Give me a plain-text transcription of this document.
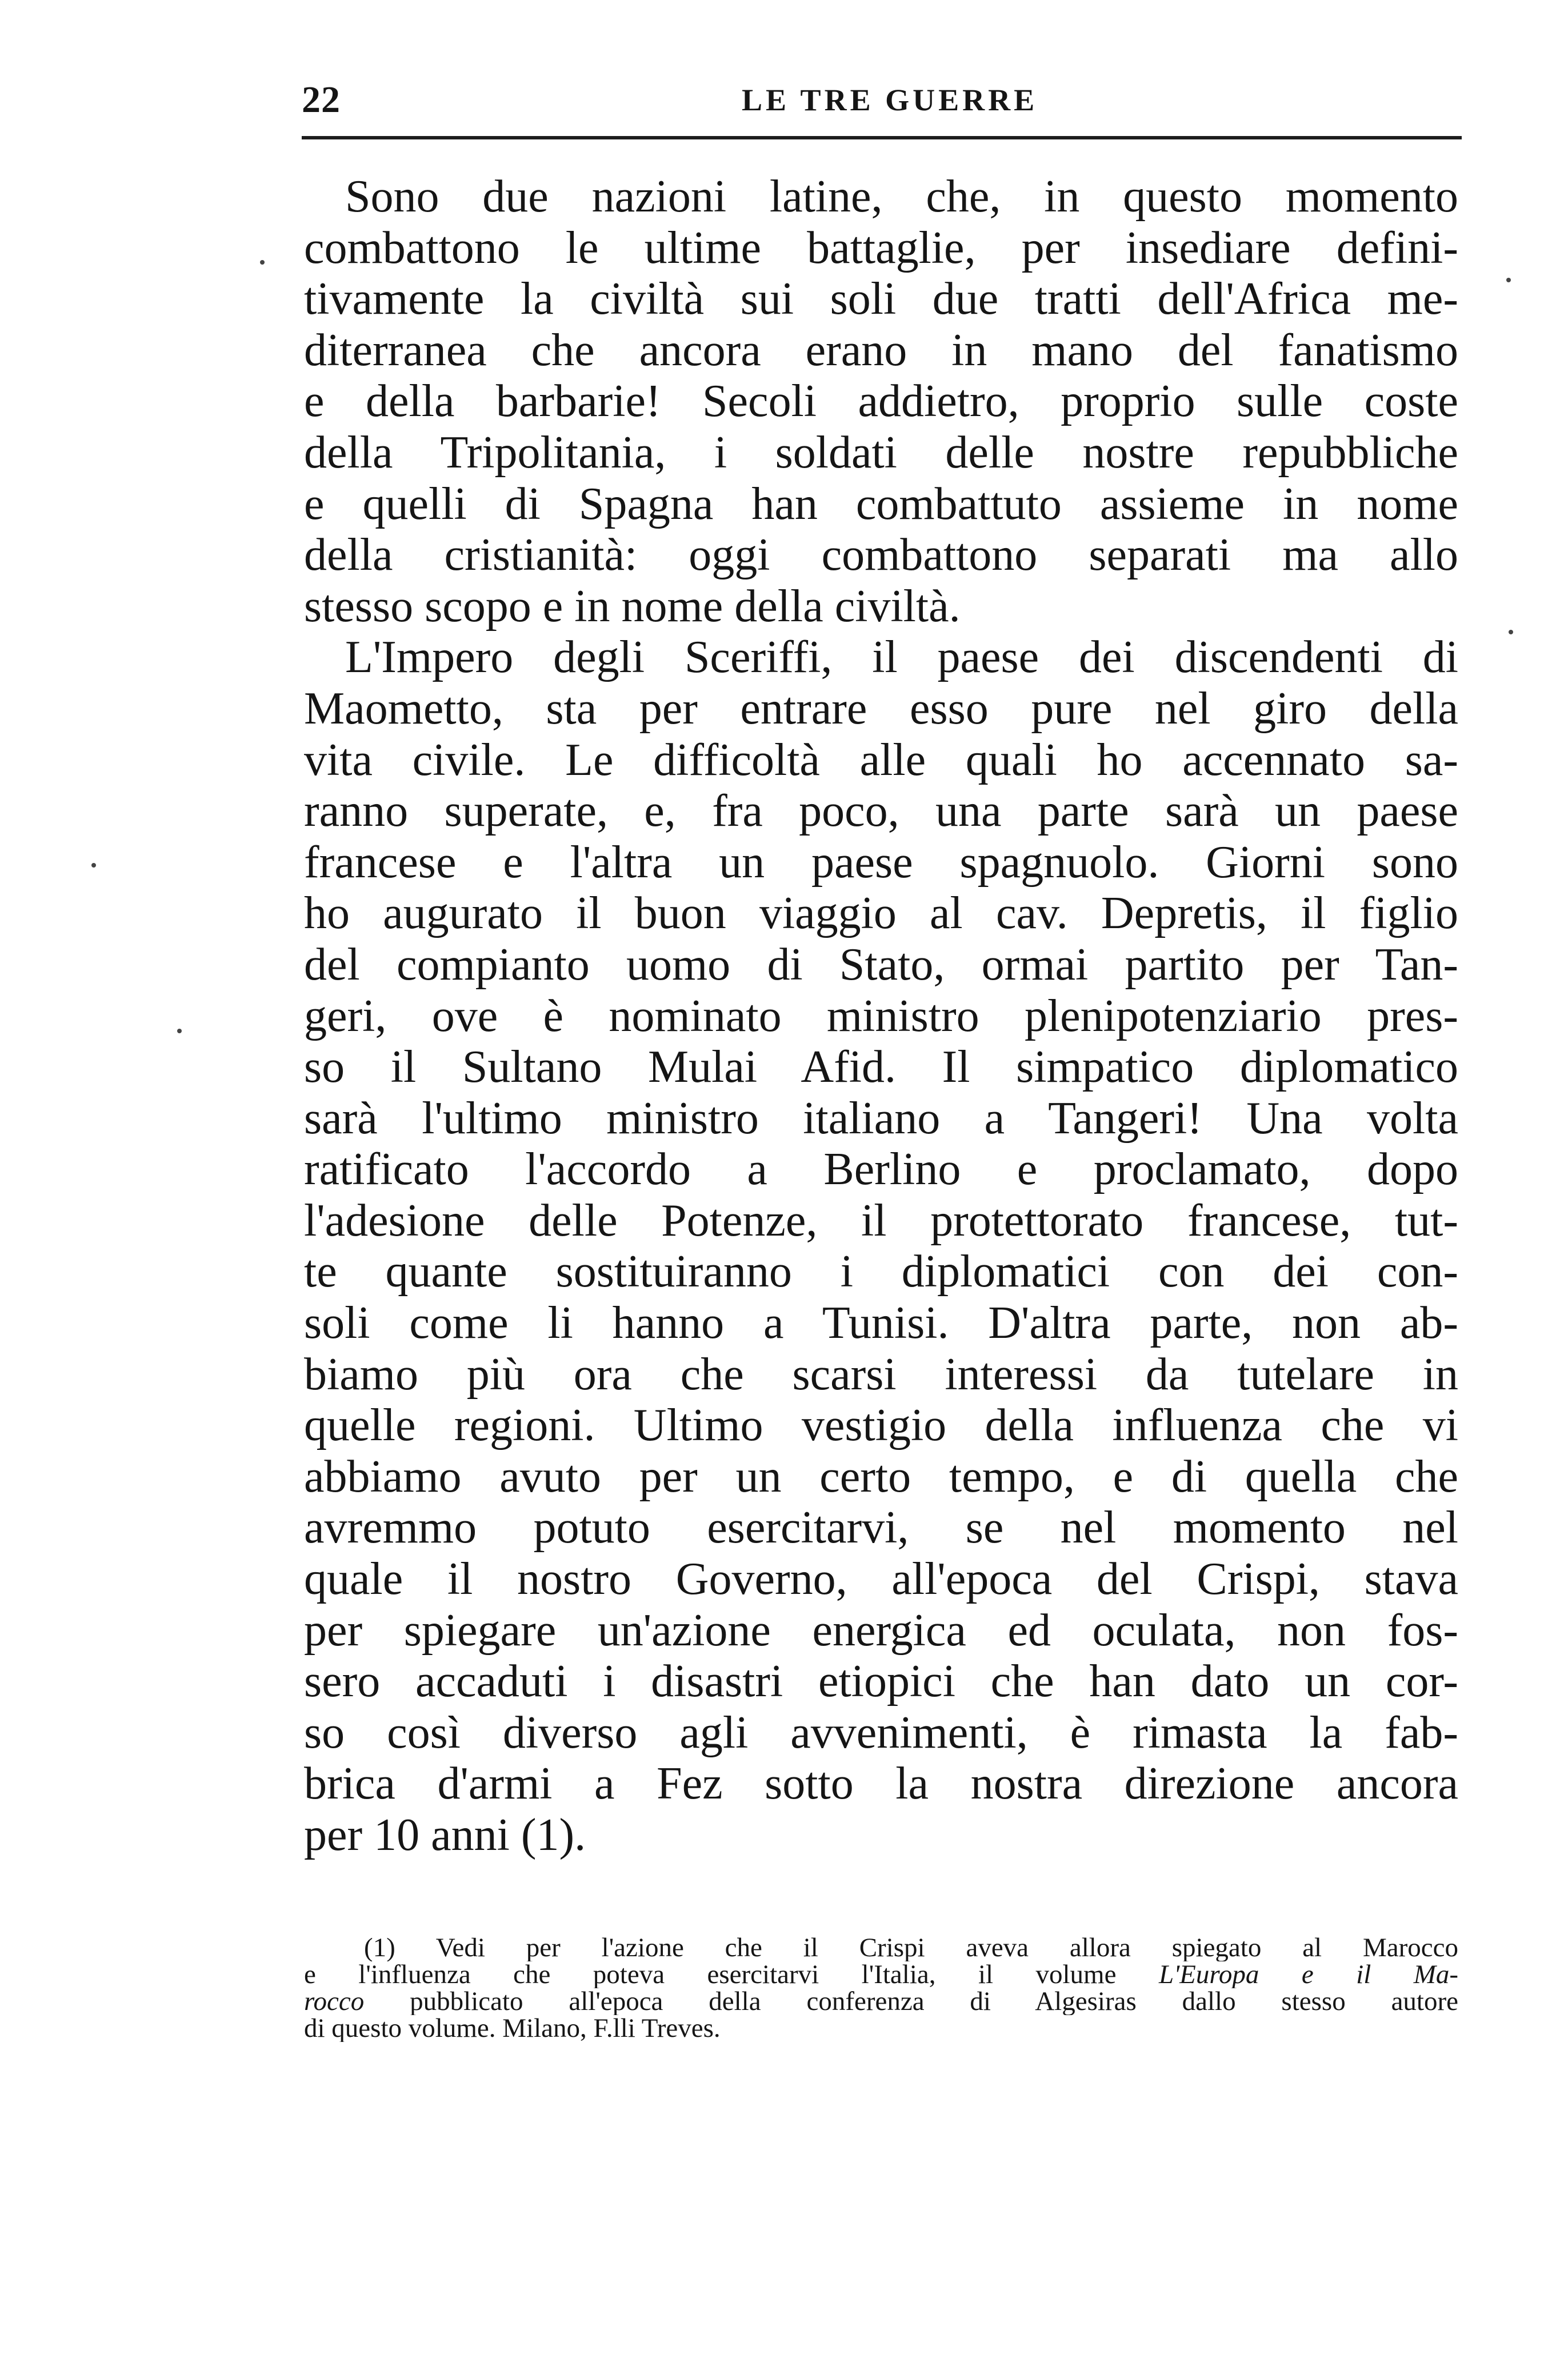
22	LE TRE GUERRE
Sono due nazioni latine, che, in questo momento
combattono le ultime battaglie, per insediare defini-
tivamente la civiltà sui soli due tratti dell'Africa me-
diterranea che ancora erano in mano del fanatismo
e della barbarie! Secoli addietro, proprio sulle coste
della Tripolitania, i soldati delle nostre repubbliche
e quelli di Spagna han combattuto assieme in nome
della cristianità: oggi combattono separati ma allo
stesso scopo e in nome della civiltà.
L'Impero degli Sceriffi, il paese dei discendenti di
Maometto, sta per entrare esso pure nel giro della
vita civile. Le difficoltà alle quali ho accennato sa-
ranno superate, e, fra poco, una parte sarà un paese
francese e l'altra un paese spagnuolo. Giorni sono
ho augurato il buon viaggio al cav. Depretis, il figlio
del compianto uomo di Stato, ormai partito per Tan-
geri, ove è nominato ministro plenipotenziario pres-
so il Sultano Mulai Afid. Il simpatico diplomatico
sarà l'ultimo ministro italiano a Tangeri! Una volta
ratificato l'accordo a Berlino e proclamato, dopo
l'adesione delle Potenze, il protettorato francese, tut-
te quante sostituiranno i diplomatici con dei con-
soli come li hanno a Tunisi. D'altra parte, non ab-
biamo più ora che scarsi interessi da tutelare in
quelle regioni. Ultimo vestigio della influenza che vi
abbiamo avuto per un certo tempo, e di quella che
avremmo potuto esercitarvi, se nel momento nel
quale il nostro Governo, all'epoca del Crispi, stava
per spiegare un'azione energica ed oculata, non fos-
sero accaduti i disastri etiopici che han dato un cor-
so così diverso agli avvenimenti, è rimasta la fab-
brica d'armi a Fez sotto la nostra direzione ancora
per 10 anni (1).
(1) Vedi per l'azione che il Crispi aveva allora spiegato al Marocco
e l'influenza che poteva esercitarvi l'Italia, il volume L'Europa e il Ma-
rocco pubblicato all'epoca della conferenza di Algesiras dallo stesso autore
di questo volume. Milano, F.lli Treves.
